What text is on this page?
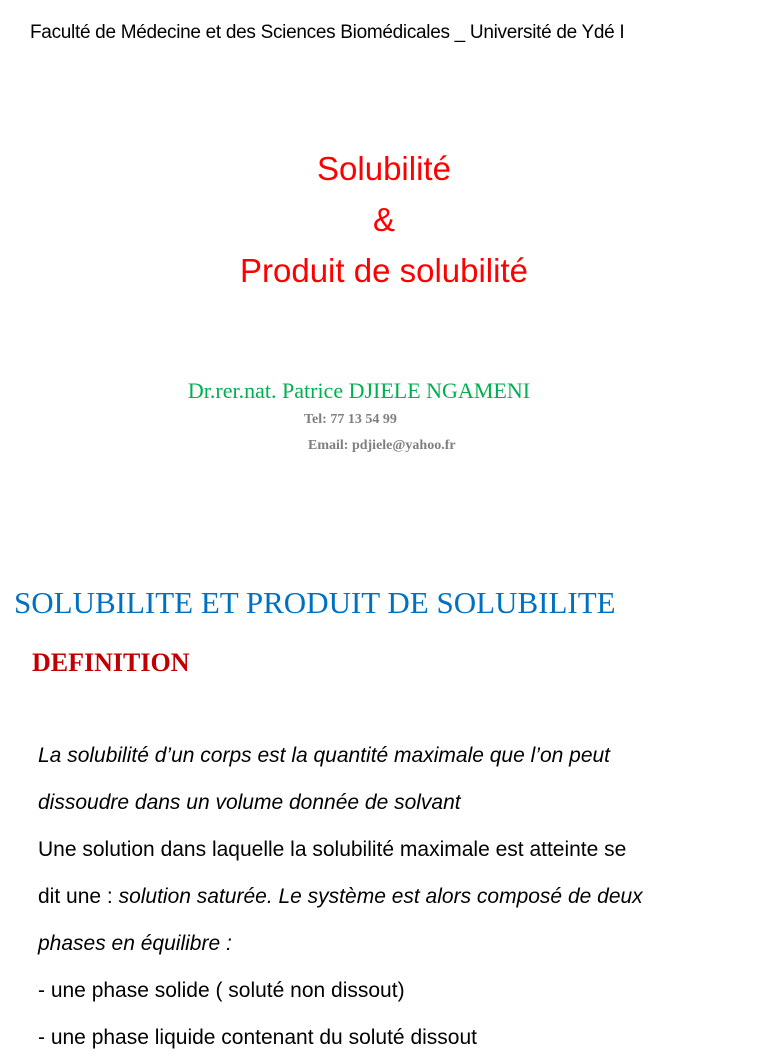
Faculté de Médecine et des Sciences Biomédicales _ Université de Ydé I
Solubilité
&
Produit de solubilité
Dr.rer.nat. Patrice DJIELE NGAMENI
Tel: 77 13 54 99
Email: pdjiele@yahoo.fr
SOLUBILITE ET PRODUIT DE SOLUBILITE
DEFINITION
La solubilité d’un corps est la quantité maximale que l’on peut
dissoudre dans un volume donnée de solvant
Une solution dans laquelle la solubilité maximale est atteinte se
dit une : solution saturée. Le système est alors composé de deux
phases en équilibre :
- une phase solide ( soluté non dissout)
- une phase liquide contenant du soluté dissout
